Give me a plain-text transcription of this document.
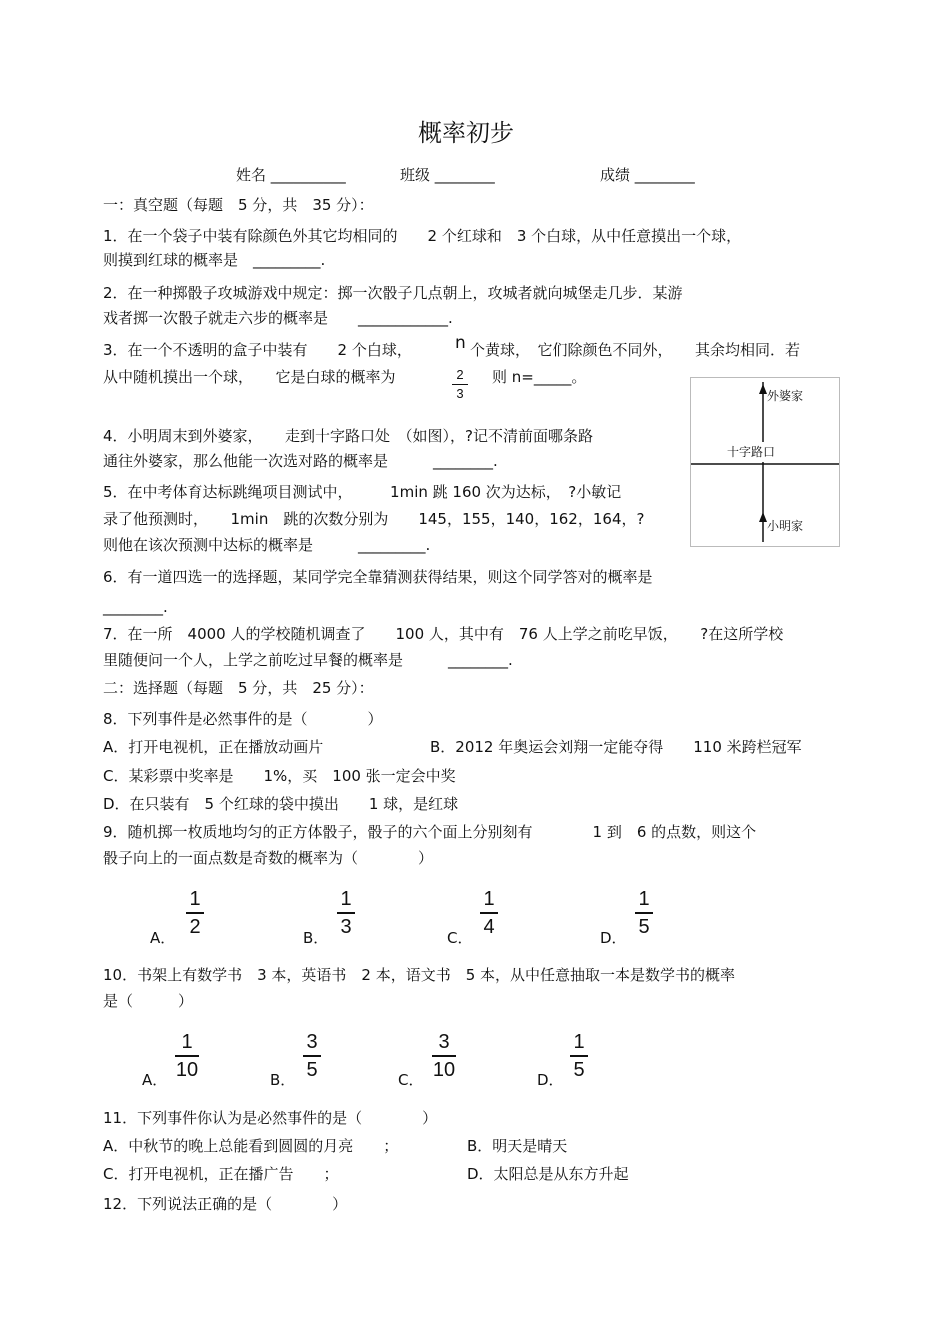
概率初步
姓名 __________	班级 ________	成绩 ________
一：真空题（每题　5 分，共　35 分）：
1．在一个袋子中装有除颜色外其它均相同的　　2 个红球和　3 个白球，从中任意摸出一个球，
则摸到红球的概率是　_________.
2．在一种掷骰子攻城游戏中规定：掷一次骰子几点朝上，攻城者就向城堡走几步．某游
戏者掷一次骰子就走六步的概率是　　____________.
3．在一个不透明的盒子中装有　　2 个白球，	n 个黄球，　它们除颜色不同外，　　其余均相同．若
从中随机摸出一个球，　　它是白球的概率为	2
3
则 n=_____。
外婆家
十字路口
小明家
4．小明周末到外婆家，　　走到十字路口处　（如图），?记不清前面哪条路
通往外婆家，那么他能一次选对路的概率是　　　________.
5．在中考体育达标跳绳项目测试中，　　　1min 跳 160 次为达标，　?小敏记
录了他预测时，　　1min　跳的次数分别为　　145，155，140，162，164，?
则他在该次预测中达标的概率是　　　_________.
6．有一道四选一的选择题，某同学完全靠猜测获得结果，则这个同学答对的概率是
________.
7．在一所　4000 人的学校随机调查了　　100 人，其中有　76 人上学之前吃早饭，　　?在这所学校
里随便问一个人，上学之前吃过早餐的概率是　　　________.
二：选择题（每题　5 分，共　25 分）：
8．下列事件是必然事件的是（　　　　）
A．打开电视机，正在播放动画片	B．2012 年奥运会刘翔一定能夺得　　110 米跨栏冠军
C．某彩票中奖率是　　1%，买　100 张一定会中奖
D．在只装有　5 个红球的袋中摸出　　1 球，是红球
9．随机掷一枚质地均匀的正方体骰子，骰子的六个面上分别刻有　　　　1 到　6 的点数，则这个
骰子向上的一面点数是奇数的概率为（　　　　）
A．
1
2
B．
1
3
C．
1
4
D．
1
5
10．书架上有数学书　3 本，英语书　2 本，语文书　5 本，从中任意抽取一本是数学书的概率
是（　　　）
A．
1
10	B．
3
5	C．
3
10	D．
1
5
11．下列事件你认为是必然事件的是（　　　　）
A．中秋节的晚上总能看到圆圆的月亮　　；	B．明天是晴天
C．打开电视机，正在播广告　　；	D．太阳总是从东方升起
12．下列说法正确的是（　　　　）
